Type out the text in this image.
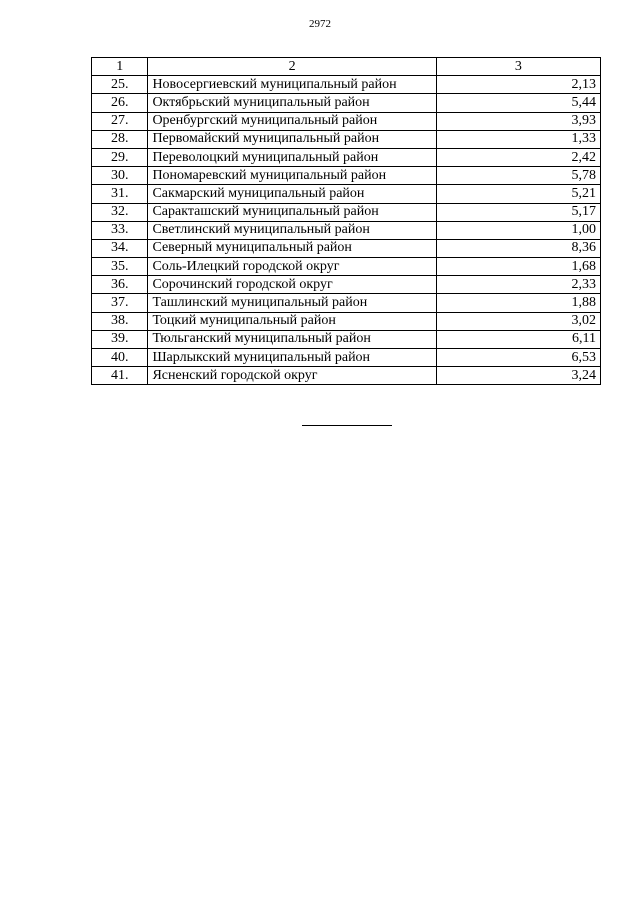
2972
1	2	3
25.	Новосергиевский муниципальный район	2,13
26.	Октябрьский муниципальный район	5,44
27.	Оренбургский муниципальный район	3,93
28.	Первомайский муниципальный район	1,33
29.	Переволоцкий муниципальный район	2,42
30.	Пономаревский муниципальный район	5,78
31.	Сакмарский муниципальный район	5,21
32.	Саракташский муниципальный район	5,17
33.	Светлинский муниципальный район	1,00
34.	Северный муниципальный район	8,36
35.	Соль-Илецкий городской округ	1,68
36.	Сорочинский городской округ	2,33
37.	Ташлинский муниципальный район	1,88
38.	Тоцкий муниципальный район	3,02
39.	Тюльганский муниципальный район	6,11
40.	Шарлыкский муниципальный район	6,53
41.	Ясненский городской округ	3,24
